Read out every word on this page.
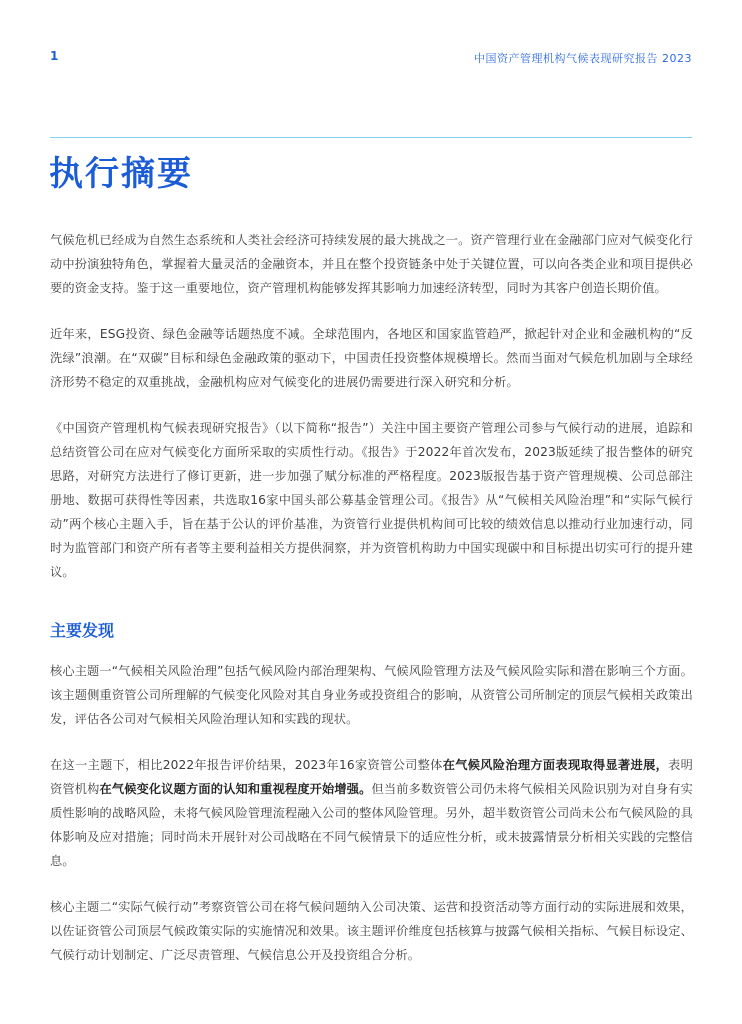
1	中国资产管理机构气候表现研究报告 2023
执行摘要

气候危机已经成为自然生态系统和人类社会经济可持续发展的最大挑战之一。资产管理行业在金融部门应对气候变化行动中扮演独特角色，掌握着大量灵活的金融资本，并且在整个投资链条中处于关键位置，可以向各类企业和项目提供必要的资金支持。鉴于这一重要地位，资产管理机构能够发挥其影响力加速经济转型，同时为其客户创造长期价值。

近年来，ESG投资、绿色金融等话题热度不减。全球范围内，各地区和国家监管趋严，掀起针对企业和金融机构的“反洗绿”浪潮。在“双碳”目标和绿色金融政策的驱动下，中国责任投资整体规模增长。然而当面对气候危机加剧与全球经济形势不稳定的双重挑战，金融机构应对气候变化的进展仍需要进行深入研究和分析。

《中国资产管理机构气候表现研究报告》（以下简称“报告”）关注中国主要资产管理公司参与气候行动的进展，追踪和总结资管公司在应对气候变化方面所采取的实质性行动。《报告》于2022年首次发布，2023版延续了报告整体的研究思路，对研究方法进行了修订更新，进一步加强了赋分标准的严格程度。2023版报告基于资产管理规模、公司总部注册地、数据可获得性等因素，共选取16家中国头部公募基金管理公司。《报告》从“气候相关风险治理”和“实际气候行动”两个核心主题入手，旨在基于公认的评价基准，为资管行业提供机构间可比较的绩效信息以推动行业加速行动，同时为监管部门和资产所有者等主要利益相关方提供洞察，并为资管机构助力中国实现碳中和目标提出切实可行的提升建议。

主要发现

核心主题一“气候相关风险治理”包括气候风险内部治理架构、气候风险管理方法及气候风险实际和潜在影响三个方面。该主题侧重资管公司所理解的气候变化风险对其自身业务或投资组合的影响，从资管公司所制定的顶层气候相关政策出发，评估各公司对气候相关风险治理认知和实践的现状。

在这一主题下，相比2022年报告评价结果，2023年16家资管公司整体在气候风险治理方面表现取得显著进展，表明资管机构在气候变化议题方面的认知和重视程度开始增强。但当前多数资管公司仍未将气候相关风险识别为对自身有实质性影响的战略风险，未将气候风险管理流程融入公司的整体风险管理。另外，超半数资管公司尚未公布气候风险的具体影响及应对措施；同时尚未开展针对公司战略在不同气候情景下的适应性分析，或未披露情景分析相关实践的完整信息。

核心主题二“实际气候行动”考察资管公司在将气候问题纳入公司决策、运营和投资活动等方面行动的实际进展和效果，以佐证资管公司顶层气候政策实际的实施情况和效果。该主题评价维度包括核算与披露气候相关指标、气候目标设定、气候行动计划制定、广泛尽责管理、气候信息公开及投资组合分析。
